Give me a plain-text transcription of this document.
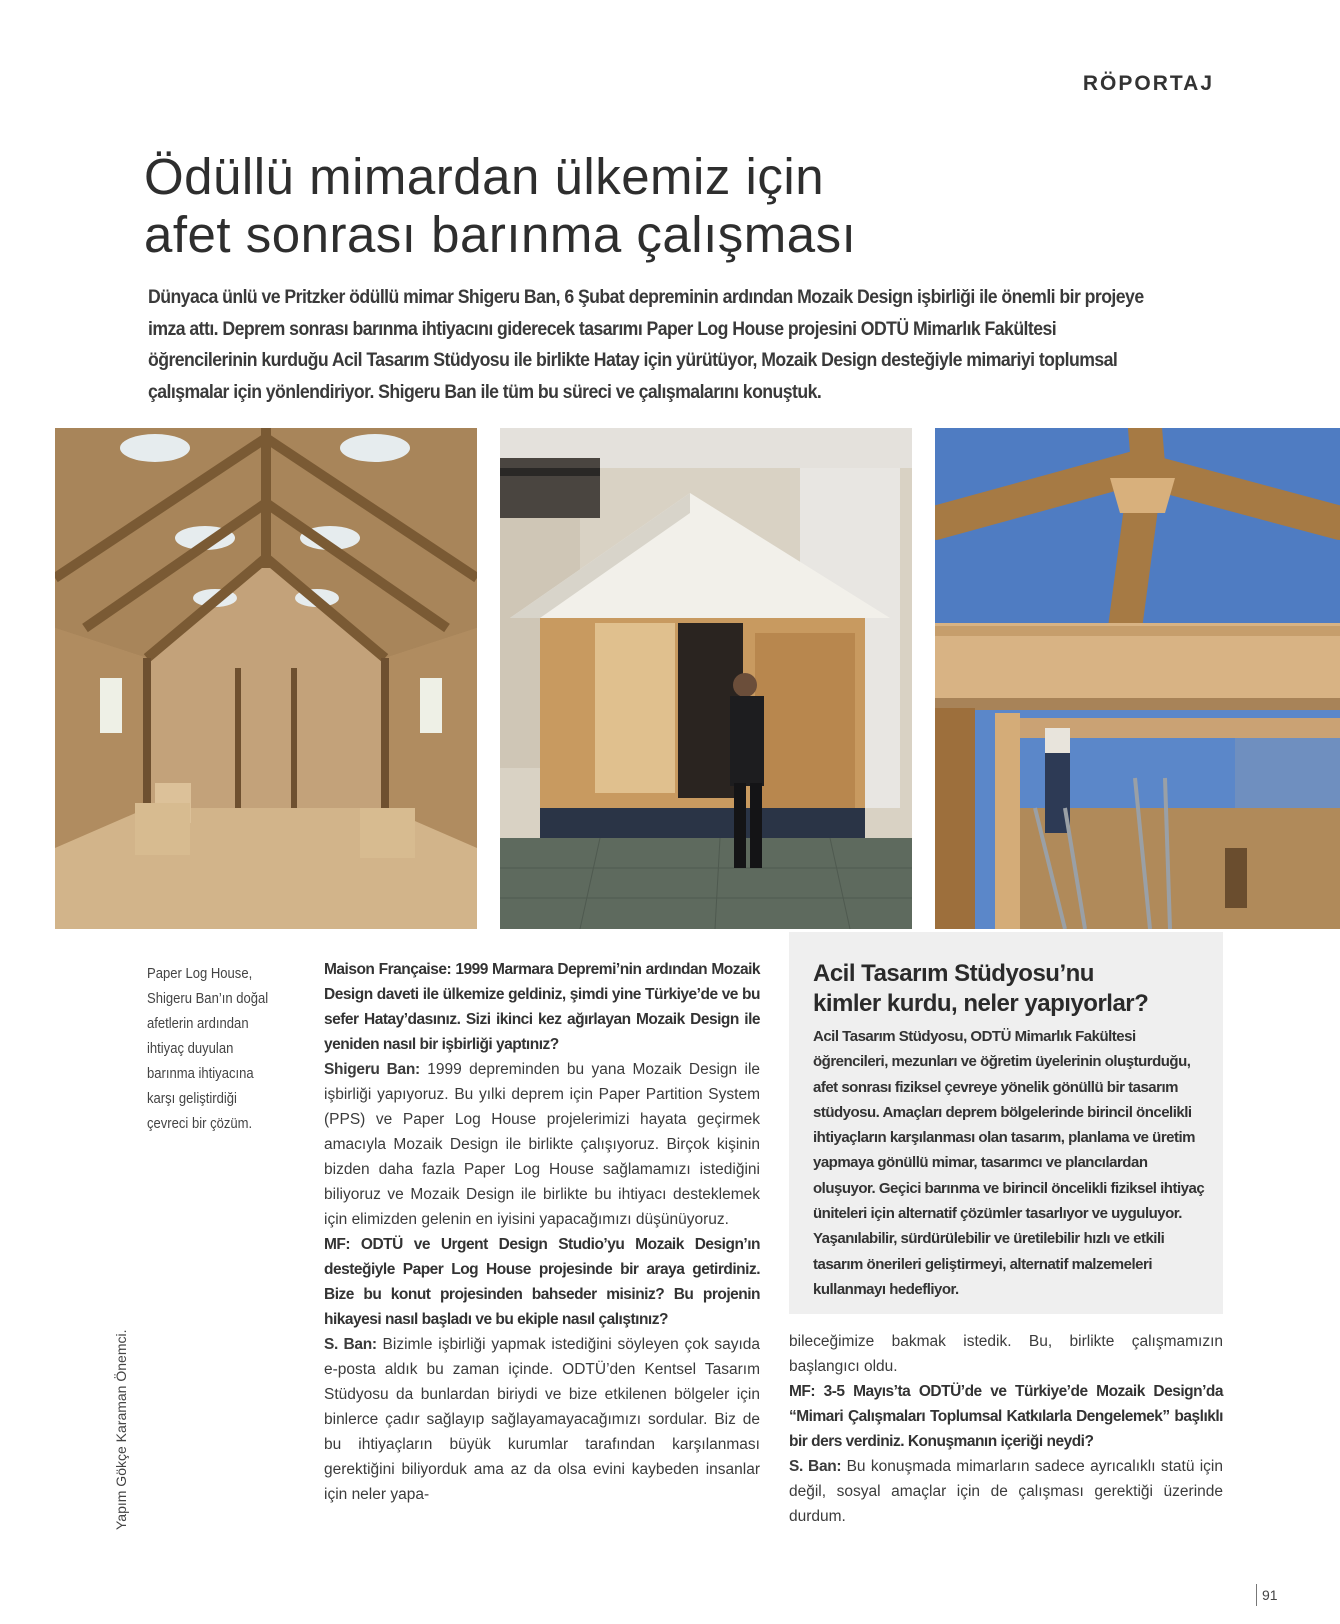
RÖPORTAJ
Ödüllü mimardan ülkemiz için
afet sonrası barınma çalışması

Dünyaca ünlü ve Pritzker ödüllü mimar Shigeru Ban, 6 Şubat depreminin ardından Mozaik Design işbirliği ile önemli bir projeye imza attı. Deprem sonrası barınma ihtiyacını giderecek tasarımı Paper Log House projesini ODTÜ Mimarlık Fakültesi öğrencilerinin kurduğu Acil Tasarım Stüdyosu ile birlikte Hatay için yürütüyor, Mozaik Design desteğiyle mimariyi toplumsal çalışmalar için yönlendiriyor. Shigeru Ban ile tüm bu süreci ve çalışmalarını konuştuk.

Paper Log House, Shigeru Ban’ın doğal afetlerin ardından ihtiyaç duyulan barınma ihtiyacına karşı geliştirdiği çevreci bir çözüm.

Yapım Gökçe Karaman Önemci.

Maison Française: 1999 Marmara Depremi’nin ardından Mozaik Design daveti ile ülkemize geldiniz, şimdi yine Türkiye’de ve bu sefer Hatay’dasınız. Sizi ikinci kez ağırlayan Mozaik Design ile yeniden nasıl bir işbirliği yaptınız?

Shigeru Ban: 1999 depreminden bu yana Mozaik Design ile işbirliği yapıyoruz. Bu yılki deprem için Paper Partition System (PPS) ve Paper Log House projelerimizi hayata geçirmek amacıyla Mozaik Design ile birlikte çalışıyoruz. Birçok kişinin bizden daha fazla Paper Log House sağlamamızı istediğini biliyoruz ve Mozaik Design ile birlikte bu ihtiyacı desteklemek için elimizden gelenin en iyisini yapacağımızı düşünüyoruz.

MF: ODTÜ ve Urgent Design Studio’yu Mozaik Design’ın desteğiyle Paper Log House projesinde bir araya getirdiniz. Bize bu konut projesinden bahseder misiniz? Bu projenin hikayesi nasıl başladı ve bu ekiple nasıl çalıştınız?

S. Ban: Bizimle işbirliği yapmak istediğini söyleyen çok sayıda e-posta aldık bu zaman içinde. ODTÜ’den Kentsel Tasarım Stüdyosu da bunlardan biriydi ve bize etkilenen bölgeler için binlerce çadır sağlayıp sağlayamayacağımızı sordular. Biz de bu ihtiyaçların büyük kurumlar tarafından karşılanması gerektiğini biliyorduk ama az da olsa evini kaybeden insanlar için neler yapa-

Acil Tasarım Stüdyosu’nu
kimler kurdu, neler yapıyorlar?

Acil Tasarım Stüdyosu, ODTÜ Mimarlık Fakültesi öğrencileri, mezunları ve öğretim üyelerinin oluşturduğu, afet sonrası fiziksel çevreye yönelik gönüllü bir tasarım stüdyosu. Amaçları deprem bölgelerinde birincil öncelikli ihtiyaçların karşılanması olan tasarım, planlama ve üretim yapmaya gönüllü mimar, tasarımcı ve plancılardan oluşuyor. Geçici barınma ve birincil öncelikli fiziksel ihtiyaç üniteleri için alternatif çözümler tasarlıyor ve uyguluyor. Yaşanılabilir, sürdürülebilir ve üretilebilir hızlı ve etkili tasarım önerileri geliştirmeyi, alternatif malzemeleri kullanmayı hedefliyor.

bileceğimize bakmak istedik. Bu, birlikte çalışmamızın başlangıcı oldu.

MF: 3-5 Mayıs’ta ODTÜ’de ve Türkiye’de Mozaik Design’da “Mimari Çalışmaları Toplumsal Katkılarla Dengelemek” başlıklı bir ders verdiniz. Konuşmanın içeriği neydi?

S. Ban: Bu konuşmada mimarların sadece ayrıcalıklı statü için değil, sosyal amaçlar için de çalışması gerektiği üzerinde durdum.

91
